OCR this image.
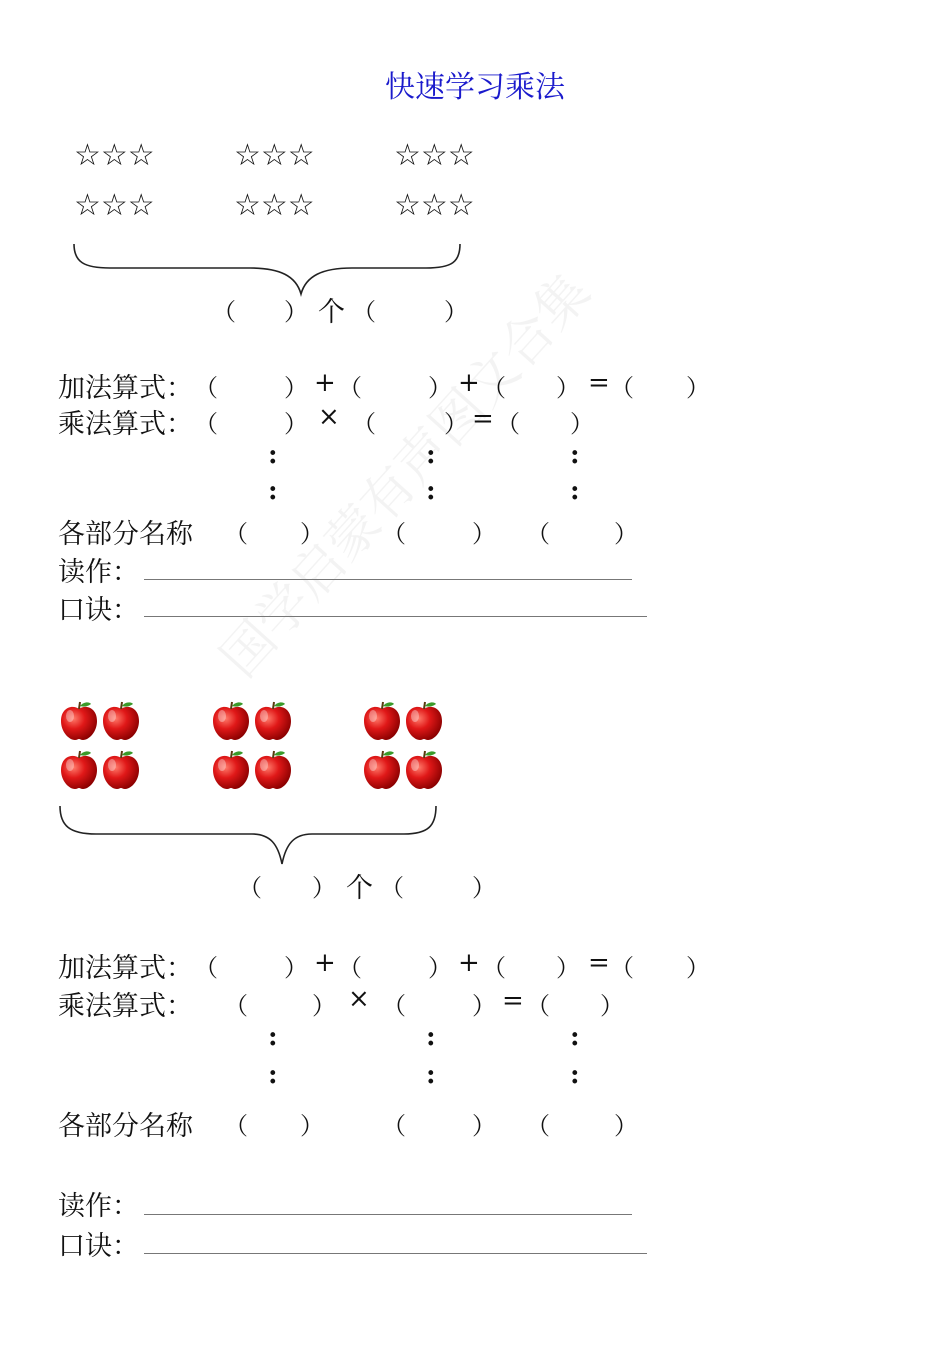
快速学习乘法
☆☆☆	☆☆☆	☆☆☆
☆☆☆	☆☆☆	☆☆☆
（ ） 个 （	）
加法算式： （	） + （	） + （ ） = （ ）
乘法算式： （	） × （	） = （ ）
:
:
:
:
:
:
各部分名称 （ ） （	） （	）
读作：
口诀：
（ ） 个 （	）
加法算式： （	） + （	） + （ ） = （ ）
乘法算式： （	） × （	） = （ ）
:
:
:
:
:
:
各部分名称 （ ） （	） （	）
读作：
口诀：
